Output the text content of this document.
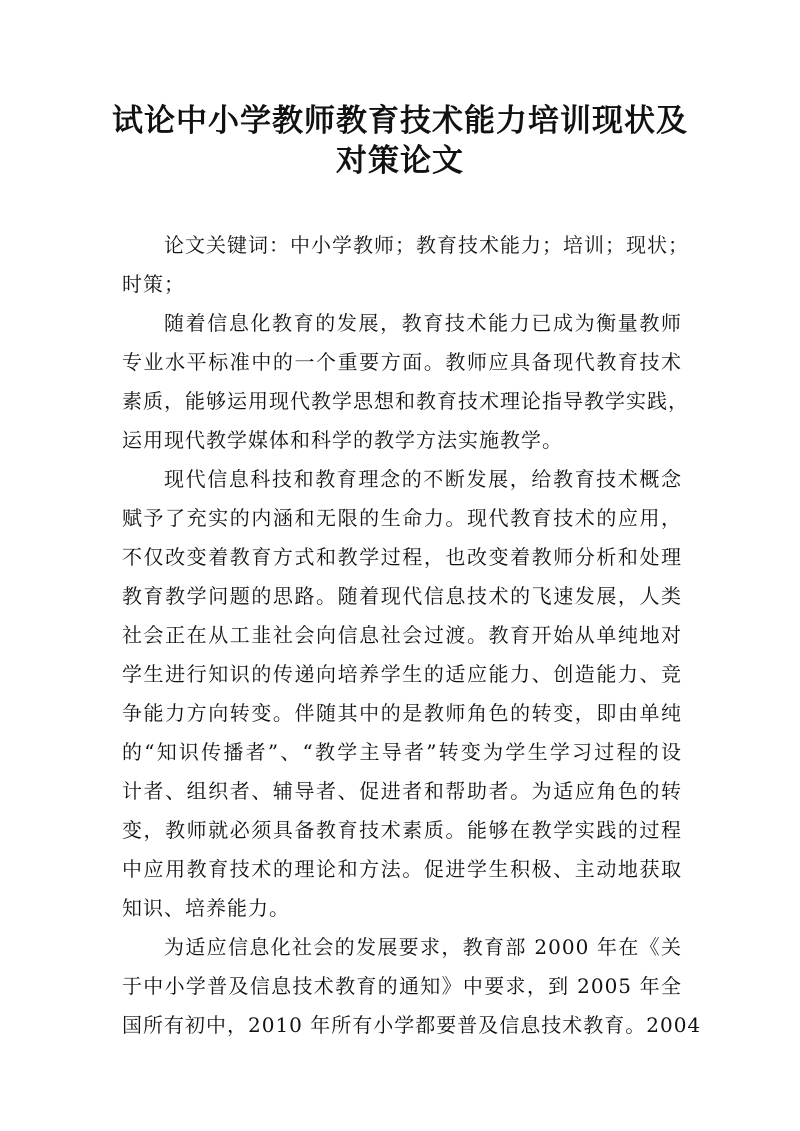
试论中小学教师教育技术能力培训现状及
对策论文
论文关键词：中小学教师；教育技术能力；培训；现状；
时策；
随着信息化教育的发展，教育技术能力已成为衡量教师
专业水平标准中的一个重要方面。教师应具备现代教育技术
素质，能够运用现代教学思想和教育技术理论指导教学实践，
运用现代教学媒体和科学的教学方法实施教学。
现代信息科技和教育理念的不断发展，给教育技术概念
赋予了充实的内涵和无限的生命力。现代教育技术的应用，
不仅改变着教育方式和教学过程，也改变着教师分析和处理
教育教学问题的思路。随着现代信息技术的飞速发展，人类
社会正在从工韭社会向信息社会过渡。教育开始从单纯地对
学生进行知识的传递向培养学生的适应能力、创造能力、竞
争能力方向转变。伴随其中的是教师角色的转变，即由单纯
的“知识传播者”、“教学主导者”转变为学生学习过程的设
计者、组织者、辅导者、促进者和帮助者。为适应角色的转
变，教师就必须具备教育技术素质。能够在教学实践的过程
中应用教育技术的理论和方法。促进学生积极、主动地获取
知识、培养能力。
为适应信息化社会的发展要求，教育部 2000 年在《关
于中小学普及信息技术教育的通知》中要求，到 2005 年全
国所有初中，2010 年所有小学都要普及信息技术教育。2004
